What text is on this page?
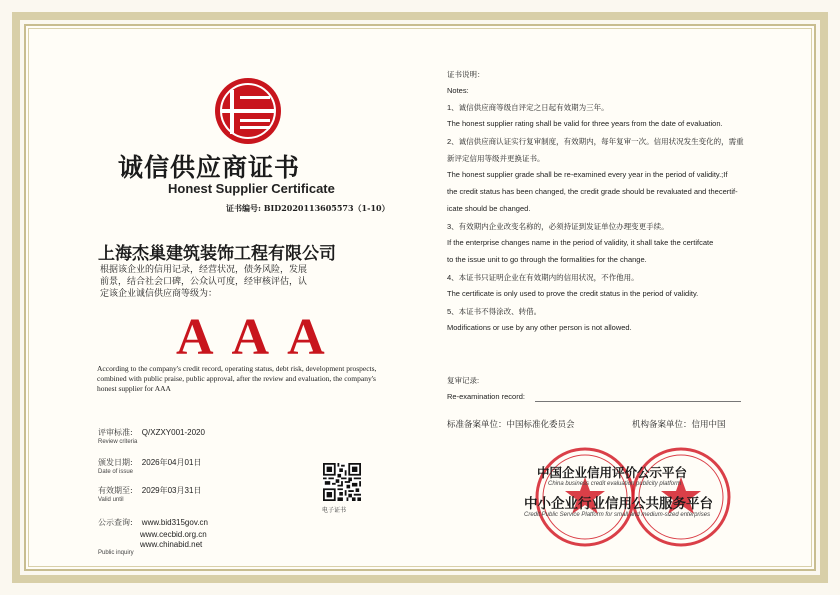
诚信供应商证书
Honest Supplier Certificate
证书编号: BID2020113605573（1-10）
上海杰巢建筑装饰工程有限公司
根据该企业的信用记录，经营状况，债务风险，发展
前景，结合社会口碑，公众认可度，经审核评估，认
定该企业诚信供应商等级为：
AAA
According to the company's credit record, operating status, debt risk, development prospects,
combined with public praise, public approval, after the review and evaluation, the company's
honest supplier for AAA
评审标准: Q/XZXY001-2020
Review criteria
颁发日期: 2026年04月01日
Date of issue
有效期至: 2029年03月31日
Valid until
公示查询: www.bid315gov.cn
www.cecbid.org.cn
www.chinabid.net
Public inquiry
电子证书
证书说明：
Notes:
1、诚信供应商等级自评定之日起有效期为三年。
The honest supplier rating shall be valid for three years from the date of evaluation.
2、诚信供应商认证实行复审制度，有效期内，每年复审一次。信用状况发生变化的，需重
新评定信用等级并更换证书。
The honest supplier grade shall be re-examined every year in the period of validity.;If
the credit status has been changed, the credit grade should be revaluated and thecertif-
icate should be changed.
3、有效期内企业改变名称的，必须持证到发证单位办理变更手续。
If the enterprise changes name in the period of validity, it shall take the certifcate
to the issue unit to go through the formalities for the change.
4、本证书只证明企业在有效期内的信用状况，不作他用。
The certificate is only used to prove the credit status in the period of validity.
5、本证书不得涂改、转借。
Modifications or use by any other person is not allowed.
复审记录:
Re-examination record:
标准备案单位：中国标准化委员会	机构备案单位：信用中国
中国企业信用评价公示平台
China business credit evaluation publicity platform
中小企业行业信用公共服务平台
Credit Public Service Platform for small and medium-sized enterprises
